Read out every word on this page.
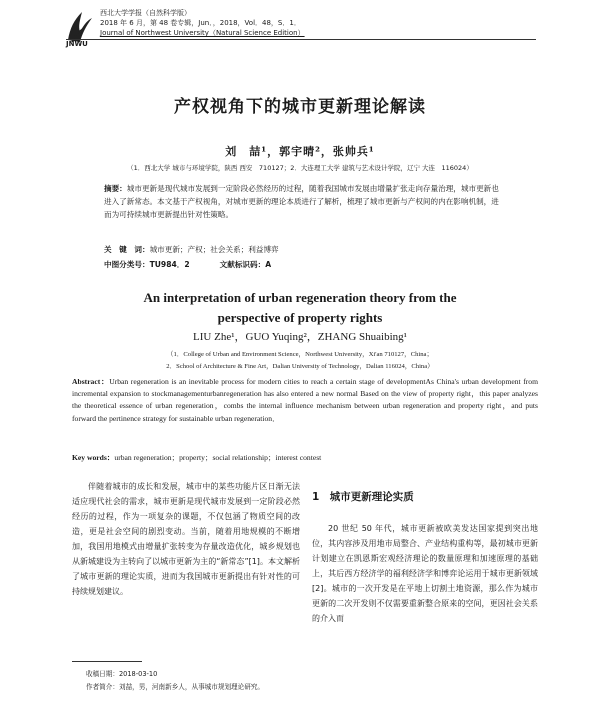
JNWU
西北大学学报（自然科学版）
2018 年 6 月，第 48 卷专辑，Jun．，2018，Vol．48，S．1．
Journal of Northwest University（Natural Science Edition）
产权视角下的城市更新理论解读
刘　喆¹，郭宇晴²，张帅兵¹
（1．西北大学 城市与环境学院，陕西 西安　710127；2．大连理工大学 建筑与艺术设计学院，辽宁 大连　116024）
摘要：城市更新是现代城市发展到一定阶段必然经历的过程，随着我国城市发展由增量扩张走向存量治理，城市更新也进入了新常态。本文基于产权视角，对城市更新的理论本质进行了解析，梳理了城市更新与产权间的内在影响机制，进而为可持续城市更新提出针对性策略。
关　键　词：城市更新；产权；社会关系；利益博弈
中图分类号：TU984．2	文献标识码：A
An interpretation of urban regeneration theory from the
perspective of property rights
LIU Zhe¹，GUO Yuqing²，ZHANG Shuaibing¹
（1．College of Urban and Environment Science，Northwest University，Xi'an 710127，China；
2．School of Architecture & Fine Art，Dalian University of Technology，Dalian 116024，China）
Abstract：Urban regeneration is an inevitable process for modern cities to reach a certain stage of developmentAs China's urban development from incremental expansion to stockmanagementurbanregeneration has also entered a new normal Based on the view of property right，this paper analyzes the theoretical essence of urban regeneration，combs the internal influence mechanism between urban regeneration and property right，and puts forward the pertinence strategy for sustainable urban regeneration．
Key words：urban regeneration；property；social relationship；interest contest
伴随着城市的成长和发展，城市中的某些功能片区日渐无法适应现代社会的需求，城市更新是现代城市发展到一定阶段必然经历的过程，作为一项复杂的课题，不仅包涵了物质空间的改造，更是社会空间的剧烈变动。当前，随着用地规模的不断增加，我国用地模式由增量扩张转变为存量改造优化，城乡规划也从新城建设为主转向了以城市更新为主的“新常态”[1]。本文解析了城市更新的理论实质，进而为我国城市更新提出有针对性的可持续规划建议。
1　城市更新理论实质
20 世纪 50 年代，城市更新被欧美发达国家提到突出地位，其内容涉及用地市局整合、产业结构重构等，最初城市更新计划建立在凯恩斯宏观经济理论的数量原理和加速原理的基础上，其后西方经济学的福利经济学和博弈论运用于城市更新领域[2]。城市的一次开发是在平地上切割土地资源，那么作为城市更新的二次开发则不仅需要重新整合原来的空间，更因社会关系的介入而
收稿日期：2018-03-10
作者简介：刘喆，男，河南新乡人，从事城市规划理论研究。
